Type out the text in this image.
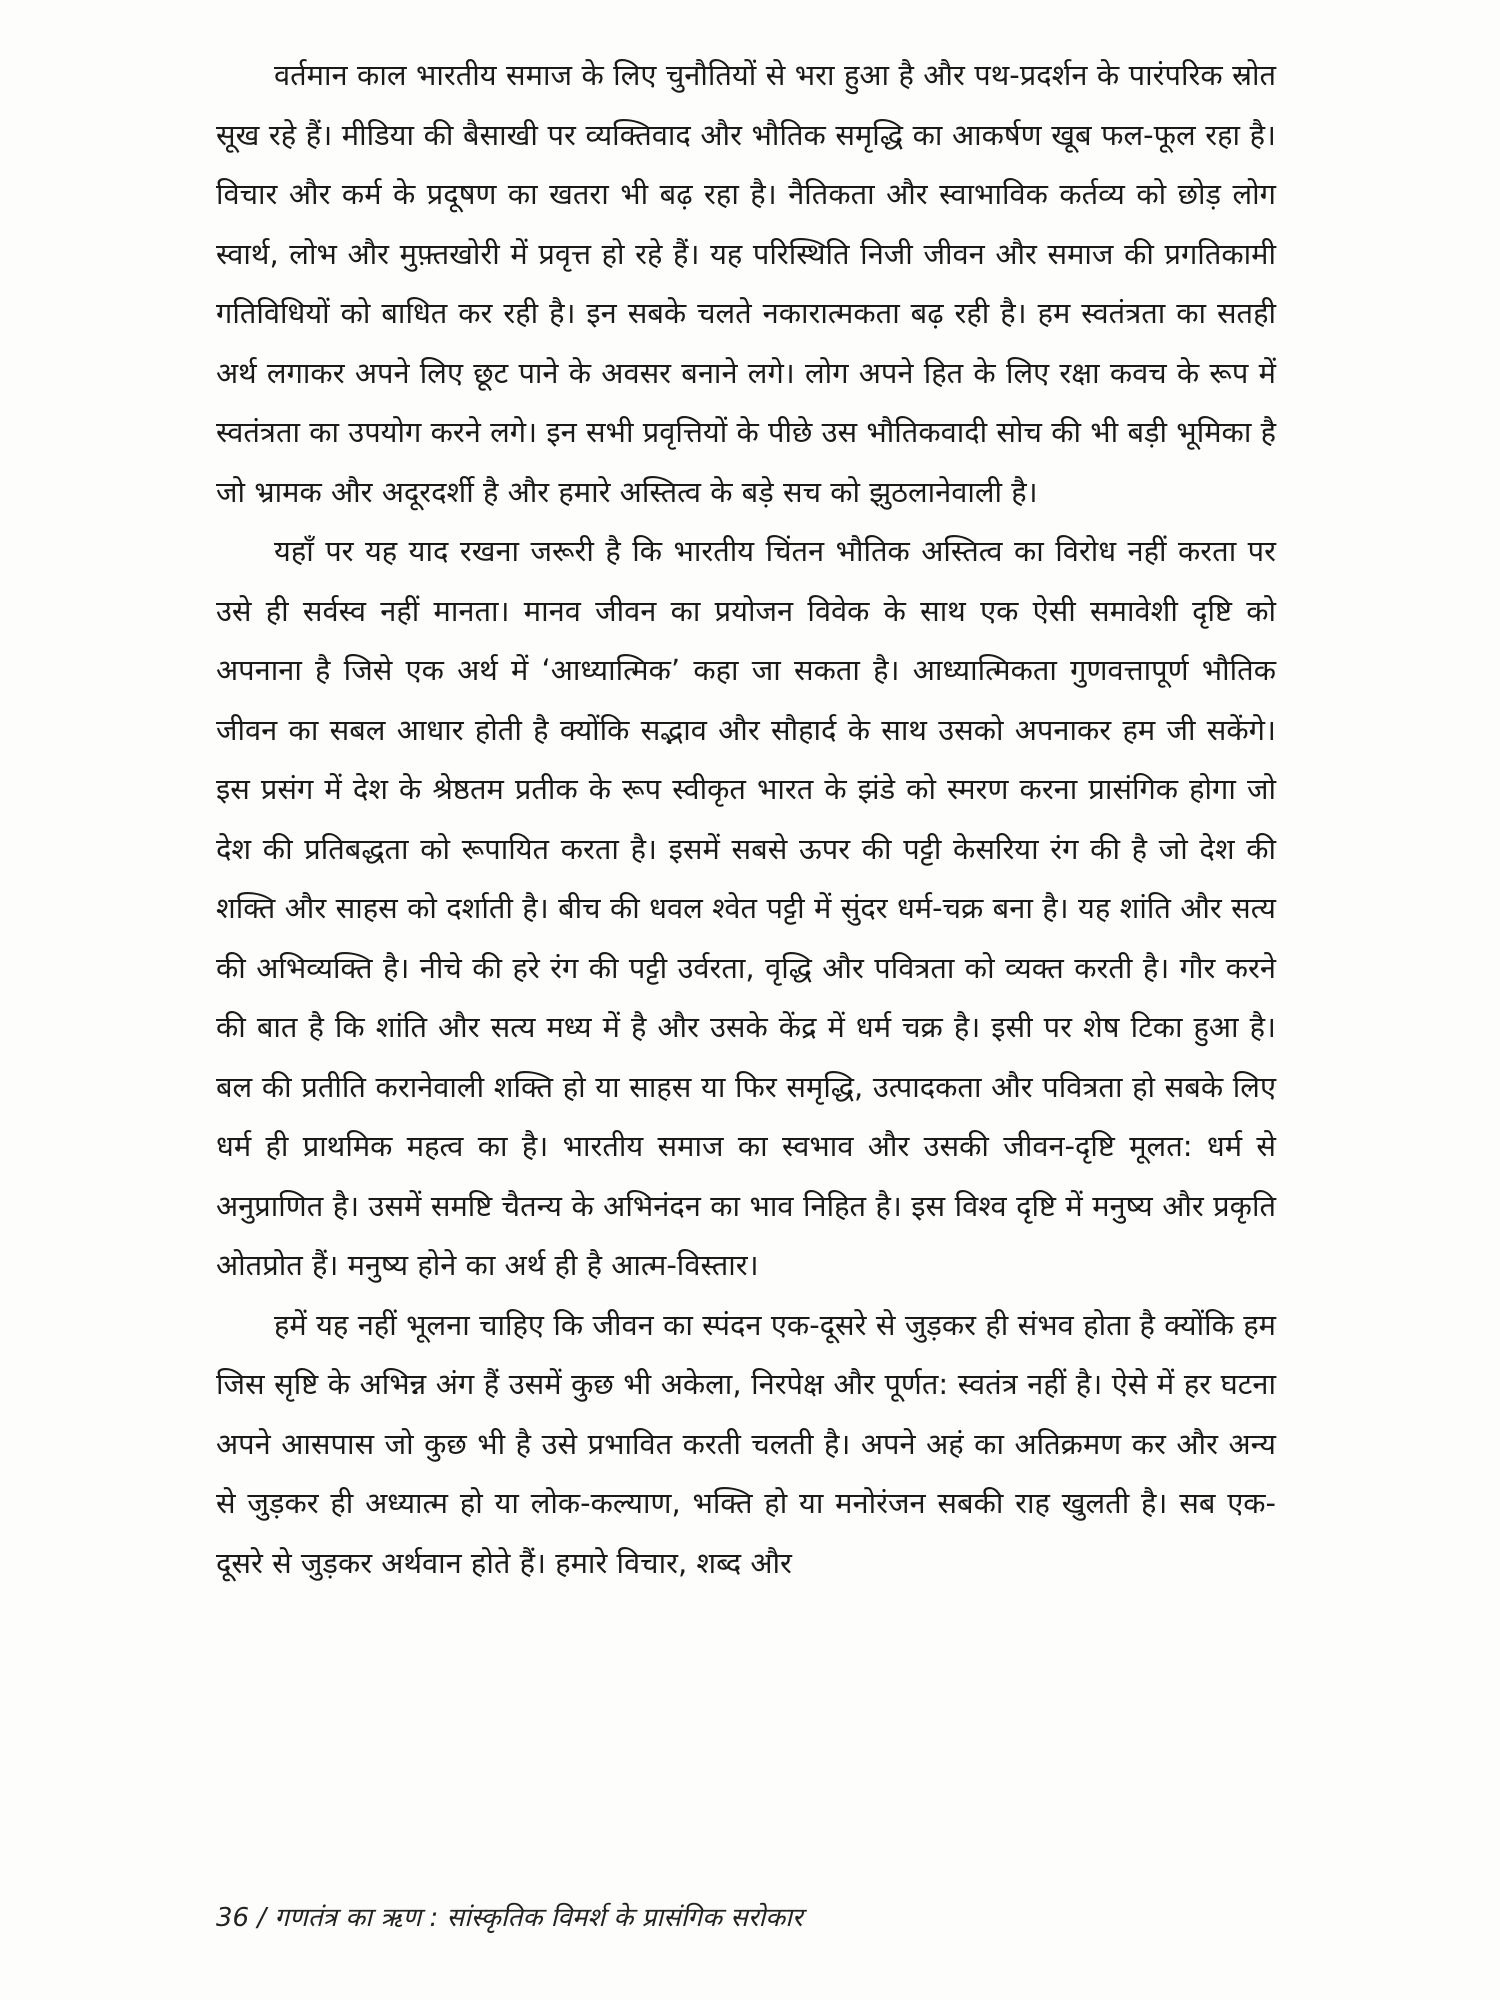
वर्तमान काल भारतीय समाज के लिए चुनौतियों से भरा हुआ है और पथ-प्रदर्शन के पारंपरिक स्रोत सूख रहे हैं। मीडिया की बैसाखी पर व्यक्तिवाद और भौतिक समृद्धि का आकर्षण खूब फल-फूल रहा है। विचार और कर्म के प्रदूषण का खतरा भी बढ़ रहा है। नैतिकता और स्वाभाविक कर्तव्य को छोड़ लोग स्वार्थ, लोभ और मुफ़्तखोरी में प्रवृत्त हो रहे हैं। यह परिस्थिति निजी जीवन और समाज की प्रगतिकामी गतिविधियों को बाधित कर रही है। इन सबके चलते नकारात्मकता बढ़ रही है। हम स्वतंत्रता का सतही अर्थ लगाकर अपने लिए छूट पाने के अवसर बनाने लगे। लोग अपने हित के लिए रक्षा कवच के रूप में स्वतंत्रता का उपयोग करने लगे। इन सभी प्रवृत्तियों के पीछे उस भौतिकवादी सोच की भी बड़ी भूमिका है जो भ्रामक और अदूरदर्शी है और हमारे अस्तित्व के बड़े सच को झुठलानेवाली है।

यहाँ पर यह याद रखना जरूरी है कि भारतीय चिंतन भौतिक अस्तित्व का विरोध नहीं करता पर उसे ही सर्वस्व नहीं मानता। मानव जीवन का प्रयोजन विवेक के साथ एक ऐसी समावेशी दृष्टि को अपनाना है जिसे एक अर्थ में ‘आध्यात्मिक’ कहा जा सकता है। आध्यात्मिकता गुणवत्तापूर्ण भौतिक जीवन का सबल आधार होती है क्योंकि सद्भाव और सौहार्द के साथ उसको अपनाकर हम जी सकेंगे। इस प्रसंग में देश के श्रेष्ठतम प्रतीक के रूप स्वीकृत भारत के झंडे को स्मरण करना प्रासंगिक होगा जो देश की प्रतिबद्धता को रूपायित करता है। इसमें सबसे ऊपर की पट्टी केसरिया रंग की है जो देश की शक्ति और साहस को दर्शाती है। बीच की धवल श्वेत पट्टी में सुंदर धर्म-चक्र बना है। यह शांति और सत्य की अभिव्यक्ति है। नीचे की हरे रंग की पट्टी उर्वरता, वृद्धि और पवित्रता को व्यक्त करती है। गौर करने की बात है कि शांति और सत्य मध्य में है और उसके केंद्र में धर्म चक्र है। इसी पर शेष टिका हुआ है। बल की प्रतीति करानेवाली शक्ति हो या साहस या फिर समृद्धि, उत्पादकता और पवित्रता हो सबके लिए धर्म ही प्राथमिक महत्व का है। भारतीय समाज का स्वभाव और उसकी जीवन-दृष्टि मूलत: धर्म से अनुप्राणित है। उसमें समष्टि चैतन्य के अभिनंदन का भाव निहित है। इस विश्व दृष्टि में मनुष्य और प्रकृति ओतप्रोत हैं। मनुष्य होने का अर्थ ही है आत्म-विस्तार।

हमें यह नहीं भूलना चाहिए कि जीवन का स्पंदन एक-दूसरे से जुड़कर ही संभव होता है क्योंकि हम जिस सृष्टि के अभिन्न अंग हैं उसमें कुछ भी अकेला, निरपेक्ष और पूर्णत: स्वतंत्र नहीं है। ऐसे में हर घटना अपने आसपास जो कुछ भी है उसे प्रभावित करती चलती है। अपने अहं का अतिक्रमण कर और अन्य से जुड़कर ही अध्यात्म हो या लोक-कल्याण, भक्ति हो या मनोरंजन सबकी राह खुलती है। सब एक-दूसरे से जुड़कर अर्थवान होते हैं। हमारे विचार, शब्द और

36 / गणतंत्र का ऋण : सांस्कृतिक विमर्श के प्रासंगिक सरोकार
